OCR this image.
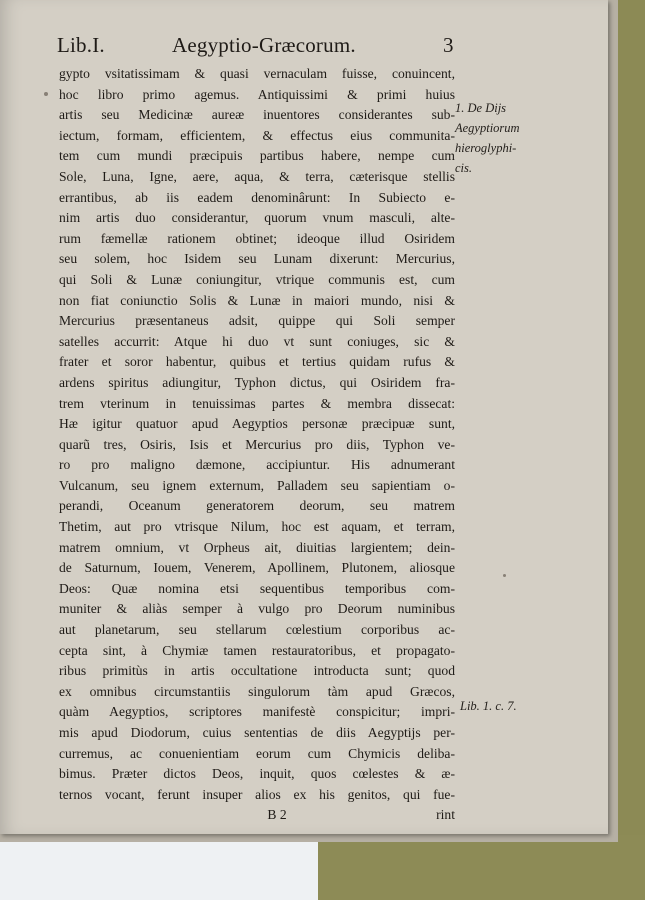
Lib.I.	Aegyptio-Græcorum.	3
gypto vsitatissimam & quasi vernaculam fuisse, conuincent,
hoc libro primo agemus. Antiquissimi & primi huius
artis seu Medicinæ aureæ inuentores considerantes sub-
iectum, formam, efficientem, & effectus eius communita-
tem cum mundi præcipuis partibus habere, nempe cum
Sole, Luna, Igne, aere, aqua, & terra, cæterisque stellis
errantibus, ab iis eadem denominârunt: In Subiecto e-
nim artis duo considerantur, quorum vnum masculi, alte-
rum fæmellæ rationem obtinet; ideoque illud Osiridem
seu solem, hoc Isidem seu Lunam dixerunt: Mercurius,
qui Soli & Lunæ coniungitur, vtrique communis est, cum
non fiat coniunctio Solis & Lunæ in maiori mundo, nisi &
Mercurius præsentaneus adsit, quippe qui Soli semper
satelles accurrit: Atque hi duo vt sunt coniuges, sic &
frater et soror habentur, quibus et tertius quidam rufus &
ardens spiritus adiungitur, Typhon dictus, qui Osiridem fra-
trem vterinum in tenuissimas partes & membra dissecat:
Hæ igitur quatuor apud Aegyptios personæ præcipuæ sunt,
quarũ tres, Osiris, Isis et Mercurius pro diis, Typhon ve-
ro pro maligno dæmone, accipiuntur. His adnumerant
Vulcanum, seu ignem externum, Palladem seu sapientiam o-
perandi, Oceanum generatorem deorum, seu matrem
Thetim, aut pro vtrisque Nilum, hoc est aquam, et terram,
matrem omnium, vt Orpheus ait, diuitias largientem; dein-
de Saturnum, Iouem, Venerem, Apollinem, Plutonem, aliosque
Deos: Quæ nomina etsi sequentibus temporibus com-
muniter & aliàs semper à vulgo pro Deorum numinibus
aut planetarum, seu stellarum cœlestium corporibus ac-
cepta sint, à Chymiæ tamen restauratoribus, et propagato-
ribus primitùs in artis occultatione introducta sunt; quod
ex omnibus circumstantiis singulorum tàm apud Græcos,
quàm Aegyptios, scriptores manifestè conspicitur; impri-
mis apud Diodorum, cuius sententias de diis Aegyptijs per-
curremus, ac conuenientiam eorum cum Chymicis deliba-
bimus. Præter dictos Deos, inquit, quos cœlestes & æ-
ternos vocant, ferunt insuper alios ex his genitos, qui fue-
B 2	rint
1. De Dijs
Aegyptiorum
hieroglyphi-
cis.
Lib. 1. c. 7.
